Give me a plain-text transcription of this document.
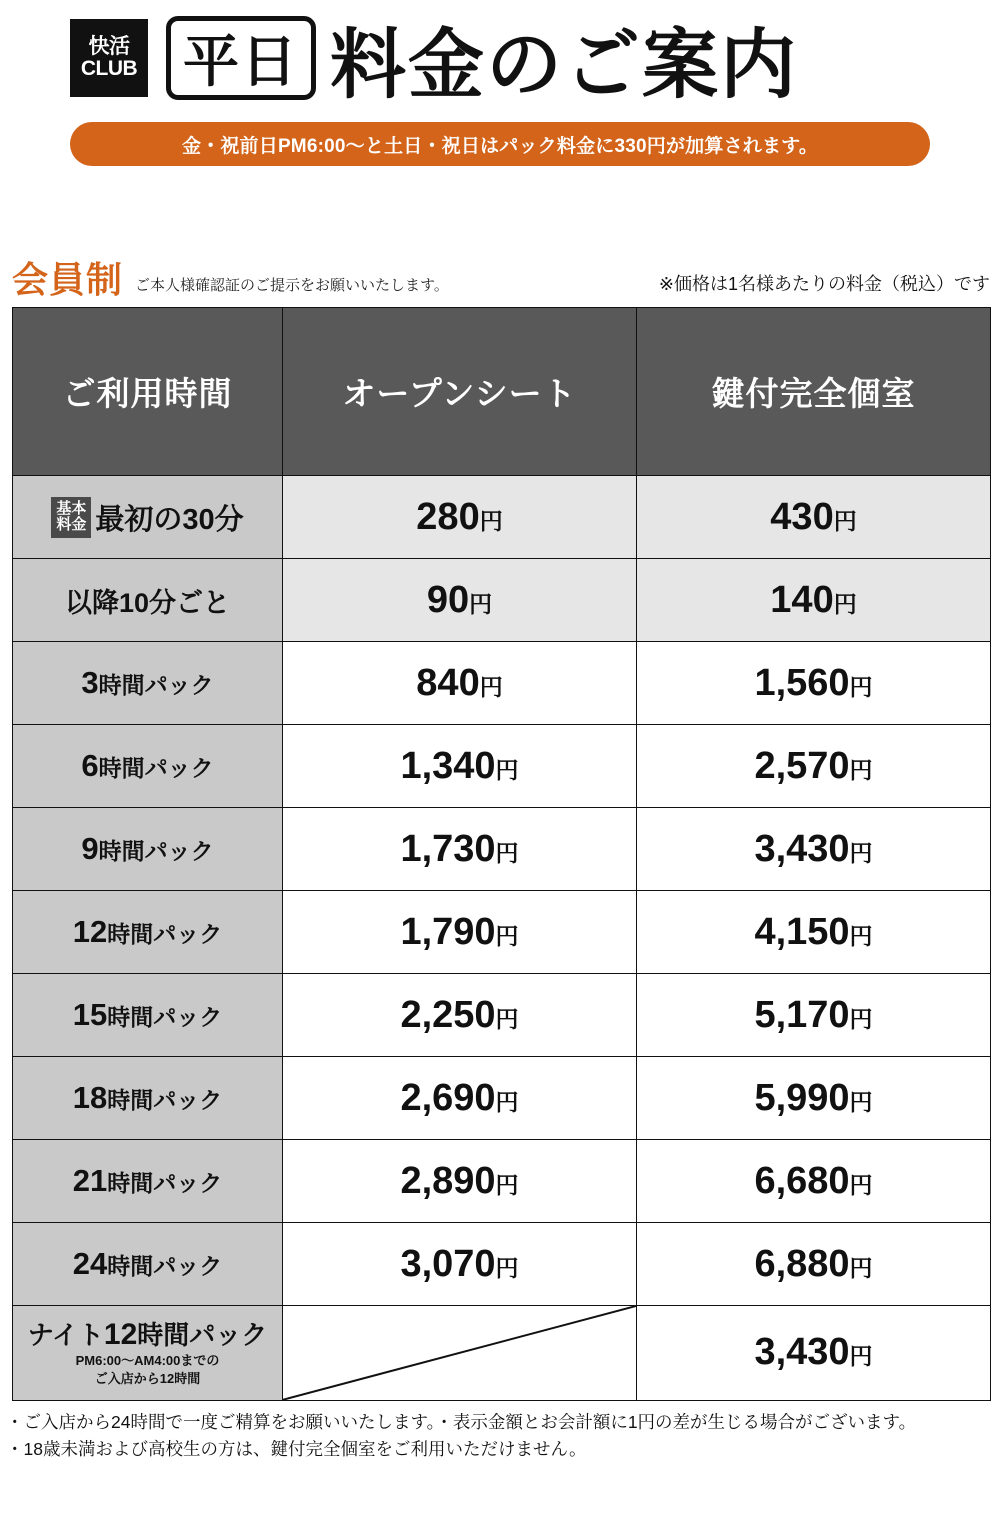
快活
CLUB 平日 料金のご案内
金・祝前日PM6:00〜と土日・祝日はパック料金に330円が加算されます。
会員制 ご本人様確認証のご提示をお願いいたします。	※価格は1名様あたりの料金（税込）です
ご利用時間	オープンシート	鍵付完全個室
基本
料金 最初の30分	280円	430円
以降10分ごと	90円	140円
3時間パック	840円	1,560円
6時間パック	1,340円	2,570円
9時間パック	1,730円	3,430円
12時間パック	1,790円	4,150円
15時間パック	2,250円	5,170円
18時間パック	2,690円	5,990円
21時間パック	2,890円	6,680円
24時間パック	3,070円	6,880円

ナイト12時間パック
PM6:00〜AM4:00までの
ご入店から12時間		3,430円
・ご入店から24時間で一度ご精算をお願いいたします。・表示金額とお会計額に1円の差が生じる場合がございます。
・18歳未満および高校生の方は、鍵付完全個室をご利用いただけません。
